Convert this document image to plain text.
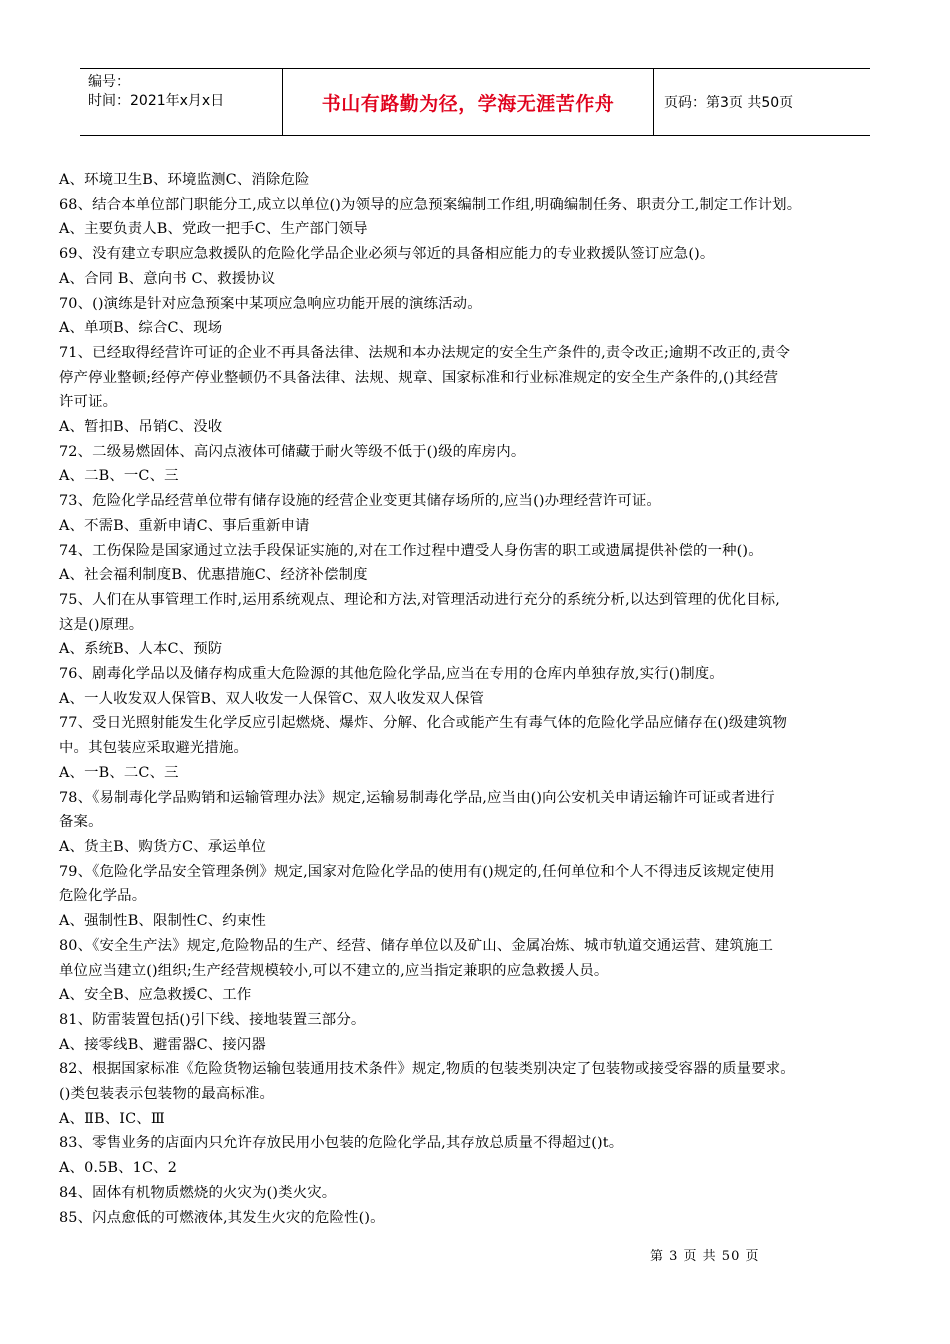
编号：
时间：2021年x月x日	书山有路勤为径，学海无涯苦作舟	页码：第3页 共50页
A、环境卫生B、环境监测C、消除危险
68、结合本单位部门职能分工,成立以单位()为领导的应急预案编制工作组,明确编制任务、职责分工,制定工作计划。
A、主要负责人B、党政一把手C、生产部门领导
69、没有建立专职应急救援队的危险化学品企业必须与邻近的具备相应能力的专业救援队签订应急()。
A、合同 B、意向书 C、救援协议
70、()演练是针对应急预案中某项应急响应功能开展的演练活动。
A、单项B、综合C、现场
71、已经取得经营许可证的企业不再具备法律、法规和本办法规定的安全生产条件的,责令改正;逾期不改正的,责令
停产停业整顿;经停产停业整顿仍不具备法律、法规、规章、国家标准和行业标准规定的安全生产条件的,()其经营
许可证。
A、暂扣B、吊销C、没收
72、二级易燃固体、高闪点液体可储藏于耐火等级不低于()级的库房内。
A、二B、一C、三
73、危险化学品经营单位带有储存设施的经营企业变更其储存场所的,应当()办理经营许可证。
A、不需B、重新申请C、事后重新申请
74、工伤保险是国家通过立法手段保证实施的,对在工作过程中遭受人身伤害的职工或遗属提供补偿的一种()。
A、社会福利制度B、优惠措施C、经济补偿制度
75、人们在从事管理工作时,运用系统观点、理论和方法,对管理活动进行充分的系统分析,以达到管理的优化目标,
这是()原理。
A、系统B、人本C、预防
76、剧毒化学品以及储存构成重大危险源的其他危险化学品,应当在专用的仓库内单独存放,实行()制度。
A、一人收发双人保管B、双人收发一人保管C、双人收发双人保管
77、受日光照射能发生化学反应引起燃烧、爆炸、分解、化合或能产生有毒气体的危险化学品应储存在()级建筑物
中。其包装应采取避光措施。
A、一B、二C、三
78、《易制毒化学品购销和运输管理办法》规定,运输易制毒化学品,应当由()向公安机关申请运输许可证或者进行
备案。
A、货主B、购货方C、承运单位
79、《危险化学品安全管理条例》规定,国家对危险化学品的使用有()规定的,任何单位和个人不得违反该规定使用
危险化学品。
A、强制性B、限制性C、约束性
80、《安全生产法》规定,危险物品的生产、经营、储存单位以及矿山、金属冶炼、城市轨道交通运营、建筑施工
单位应当建立()组织;生产经营规模较小,可以不建立的,应当指定兼职的应急救援人员。
A、安全B、应急救援C、工作
81、防雷装置包括()引下线、接地装置三部分。
A、接零线B、避雷器C、接闪器
82、根据国家标准《危险货物运输包装通用技术条件》规定,物质的包装类别决定了包装物或接受容器的质量要求。
()类包装表示包装物的最高标准。
A、ⅡB、ⅠC、Ⅲ
83、零售业务的店面内只允许存放民用小包装的危险化学品,其存放总质量不得超过()t。
A、0.5B、1C、2
84、固体有机物质燃烧的火灾为()类火灾。
85、闪点愈低的可燃液体,其发生火灾的危险性()。
第 3 页 共 50 页
